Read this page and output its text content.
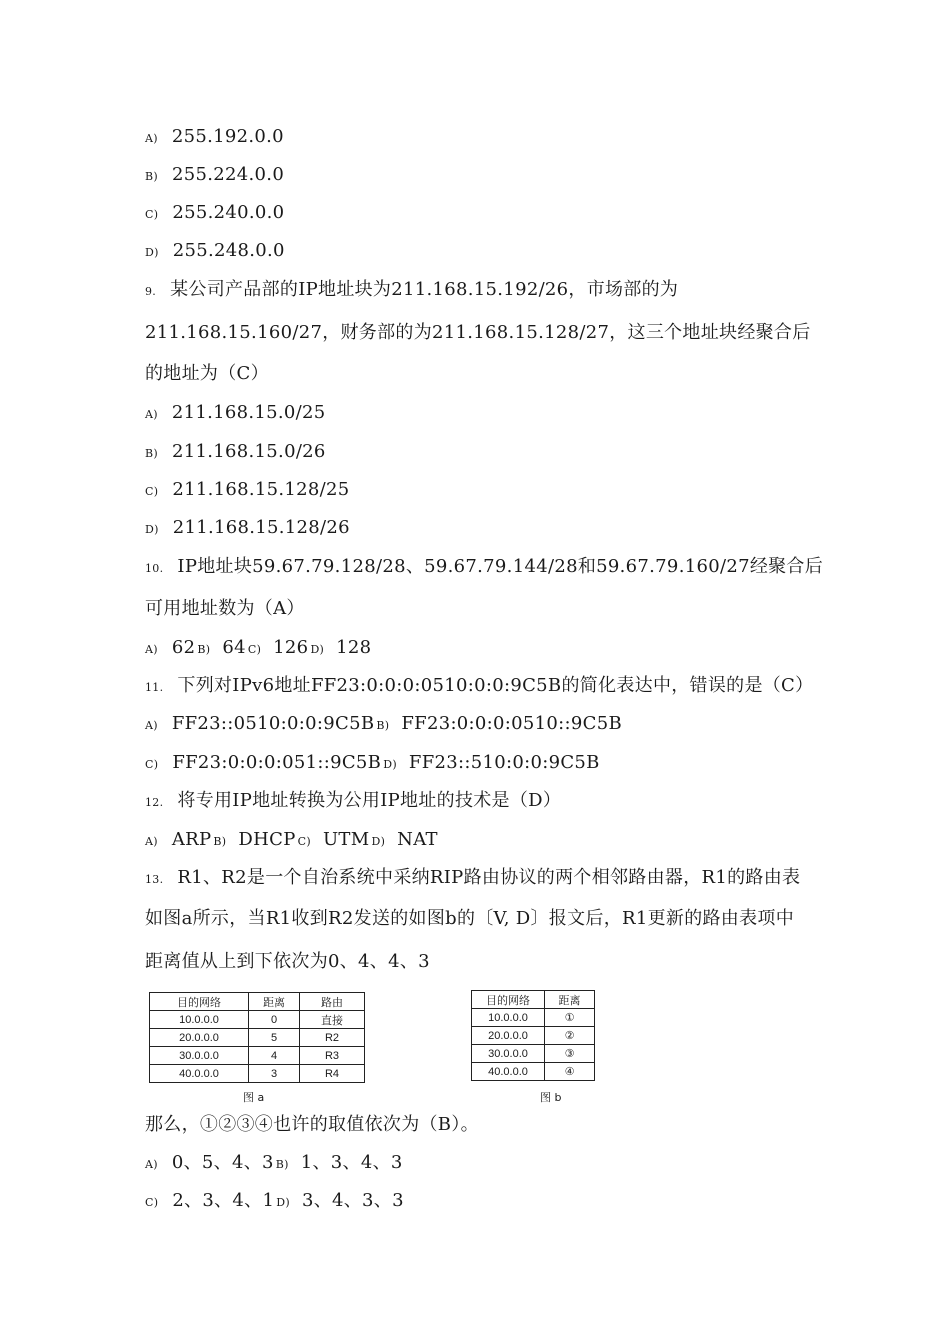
A) 255.192.0.0
B) 255.224.0.0
C) 255.240.0.0
D) 255.248.0.0
9. 某公司产品部的IP地址块为211.168.15.192/26，市场部的为
211.168.15.160/27，财务部的为211.168.15.128/27，这三个地址块经聚合后
的地址为（C）
A) 211.168.15.0/25
B) 211.168.15.0/26
C) 211.168.15.128/25
D) 211.168.15.128/26
10. IP地址块59.67.79.128/28、59.67.79.144/28和59.67.79.160/27经聚合后
可用地址数为（A）
A) 62 B) 64 C) 126 D) 128
11. 下列对IPv6地址FF23:0:0:0:0510:0:0:9C5B的简化表达中，错误的是（C）
A) FF23::0510:0:0:9C5B B) FF23:0:0:0:0510::9C5B
C) FF23:0:0:0:051::9C5B D) FF23::510:0:0:9C5B
12. 将专用IP地址转换为公用IP地址的技术是（D）
A) ARP B) DHCP C) UTM D) NAT
13. R1、R2是一个自治系统中采纳RIP路由协议的两个相邻路由器，R1的路由表
如图a所示，当R1收到R2发送的如图b的〔V, D〕报文后，R1更新的路由表项中
距离值从上到下依次为0、4、4、3
目的网络	距离	路由
10.0.0.0	0	直接
20.0.0.0	5	R2
30.0.0.0	4	R3
40.0.0.0	3	R4
图 a
目的网络	距离
10.0.0.0	①
20.0.0.0	②
30.0.0.0	③
40.0.0.0	④
图 b
那么，①②③④也许的取值依次为（B）。
A) 0、5、4、3 B) 1、3、4、3
C) 2、3、4、1 D) 3、4、3、3
